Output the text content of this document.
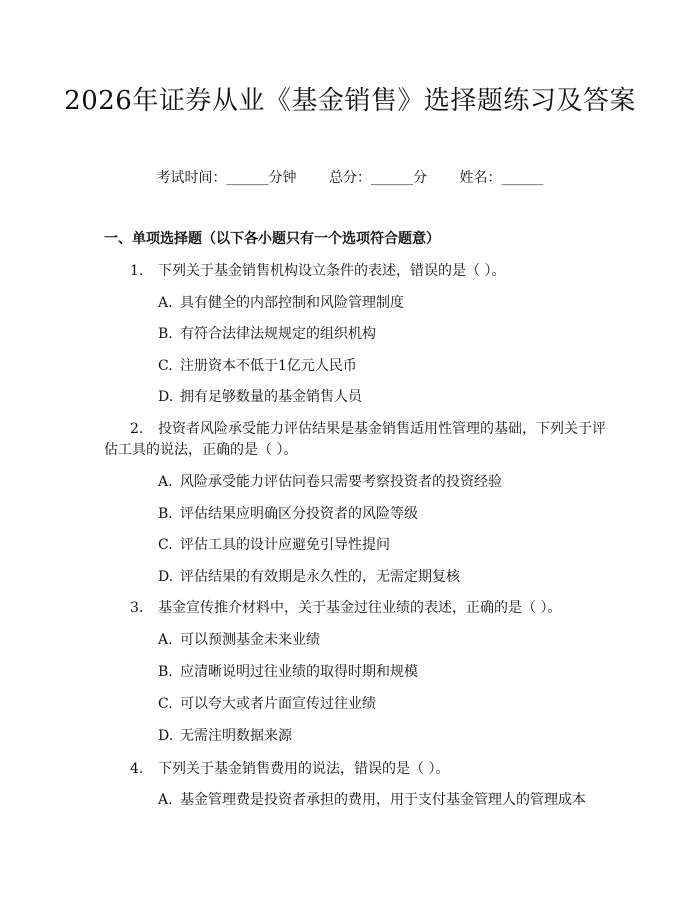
2026年证券从业《基金销售》选择题练习及答案
考试时间：______分钟 总分：______分 姓名：______
一、单项选择题（以下各小题只有一个选项符合题意）
1. 下列关于基金销售机构设立条件的表述，错误的是（ ）。
A. 具有健全的内部控制和风险管理制度
B. 有符合法律法规规定的组织机构
C. 注册资本不低于1亿元人民币
D. 拥有足够数量的基金销售人员
2. 投资者风险承受能力评估结果是基金销售适用性管理的基础，下列关于评
估工具的说法，正确的是（ ）。
A. 风险承受能力评估问卷只需要考察投资者的投资经验
B. 评估结果应明确区分投资者的风险等级
C. 评估工具的设计应避免引导性提问
D. 评估结果的有效期是永久性的，无需定期复核
3. 基金宣传推介材料中，关于基金过往业绩的表述，正确的是（ ）。
A. 可以预测基金未来业绩
B. 应清晰说明过往业绩的取得时期和规模
C. 可以夸大或者片面宣传过往业绩
D. 无需注明数据来源
4. 下列关于基金销售费用的说法，错误的是（ ）。
A. 基金管理费是投资者承担的费用，用于支付基金管理人的管理成本
